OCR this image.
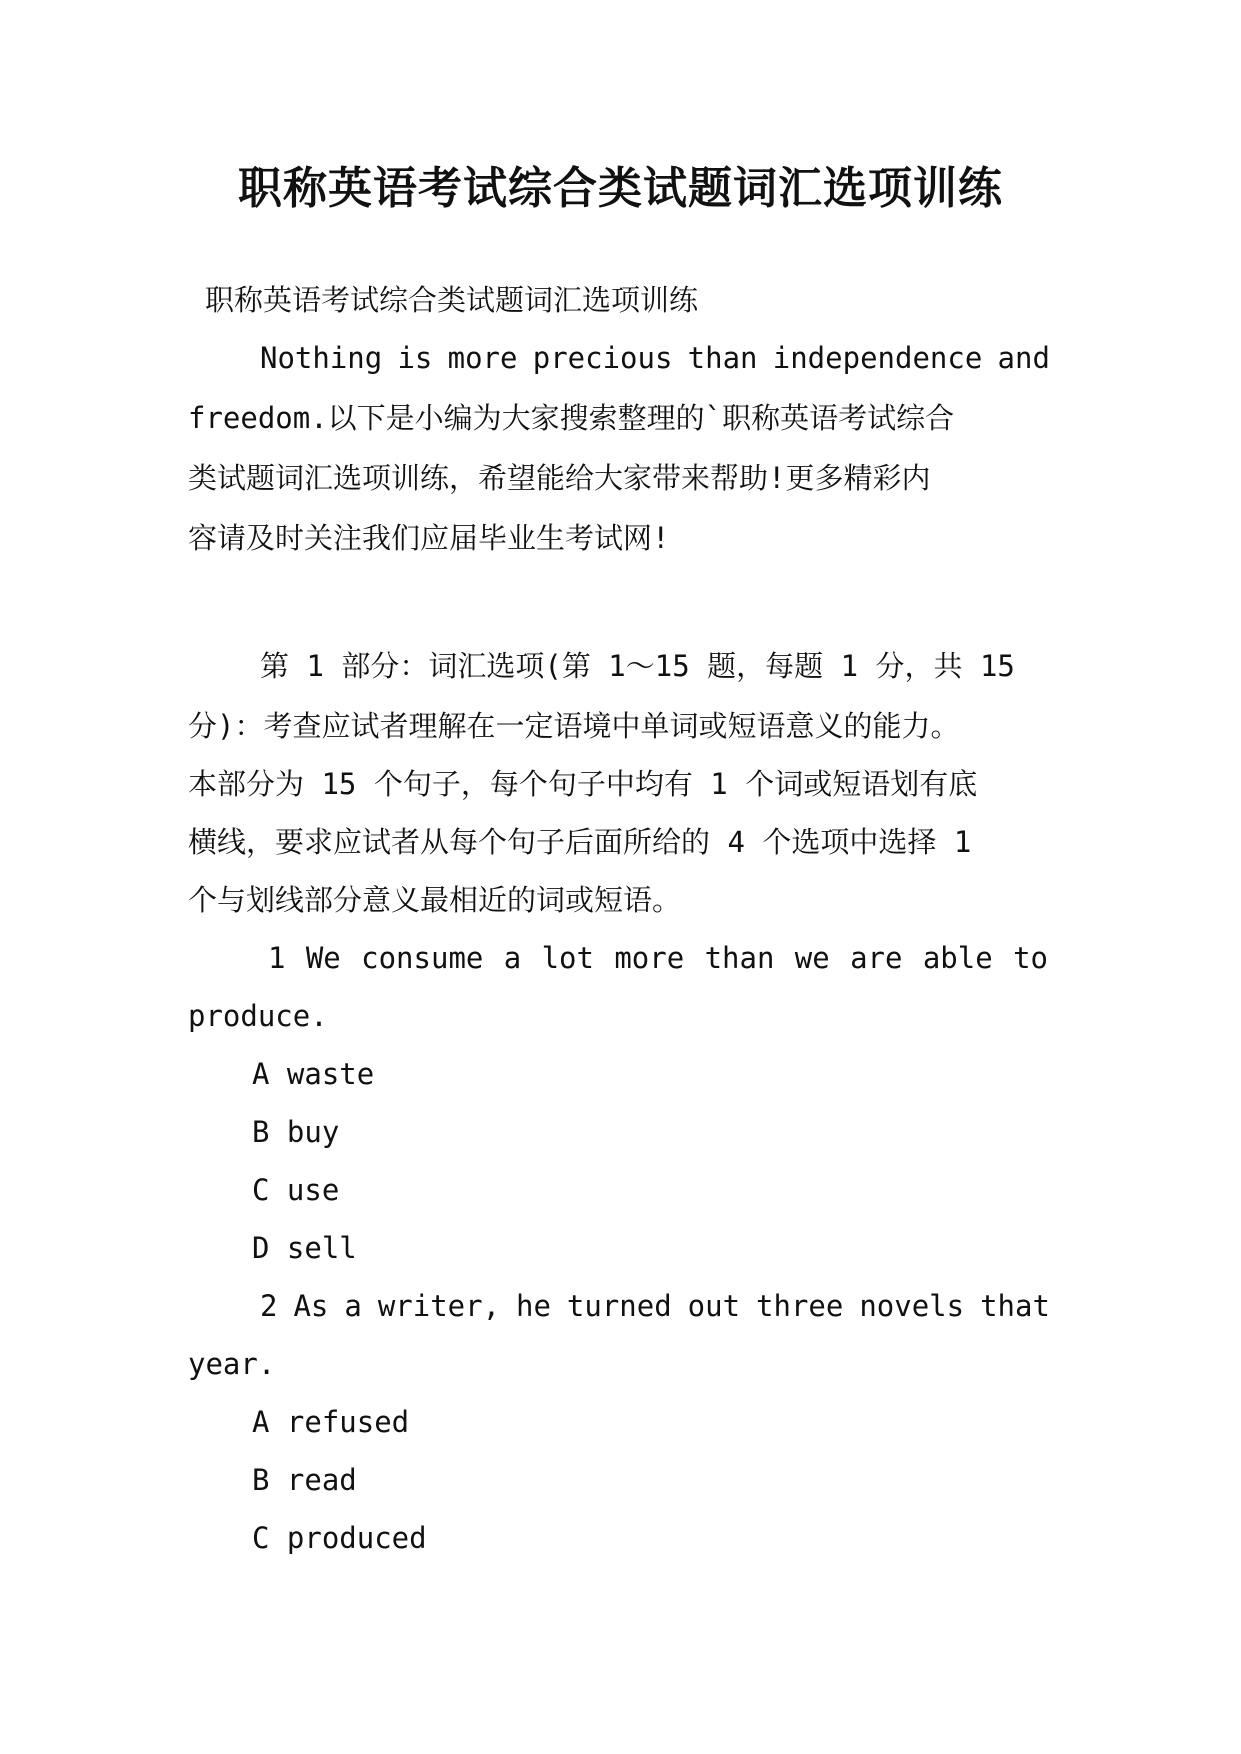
职称英语考试综合类试题词汇选项训练
职称英语考试综合类试题词汇选项训练
Nothing is more precious than independence and
freedom.以下是小编为大家搜索整理的`职称英语考试综合
类试题词汇选项训练，希望能给大家带来帮助!更多精彩内
容请及时关注我们应届毕业生考试网!
第 1 部分：词汇选项(第 1～15 题，每题 1 分，共 15
分)：考查应试者理解在一定语境中单词或短语意义的能力。
本部分为 15 个句子，每个句子中均有 1 个词或短语划有底
横线，要求应试者从每个句子后面所给的 4 个选项中选择 1
个与划线部分意义最相近的词或短语。
1 We consume a lot more than we are able to
produce.
A waste
B buy
C use
D sell
2 As a writer, he turned out three novels that
year.
A refused
B read
C produced
